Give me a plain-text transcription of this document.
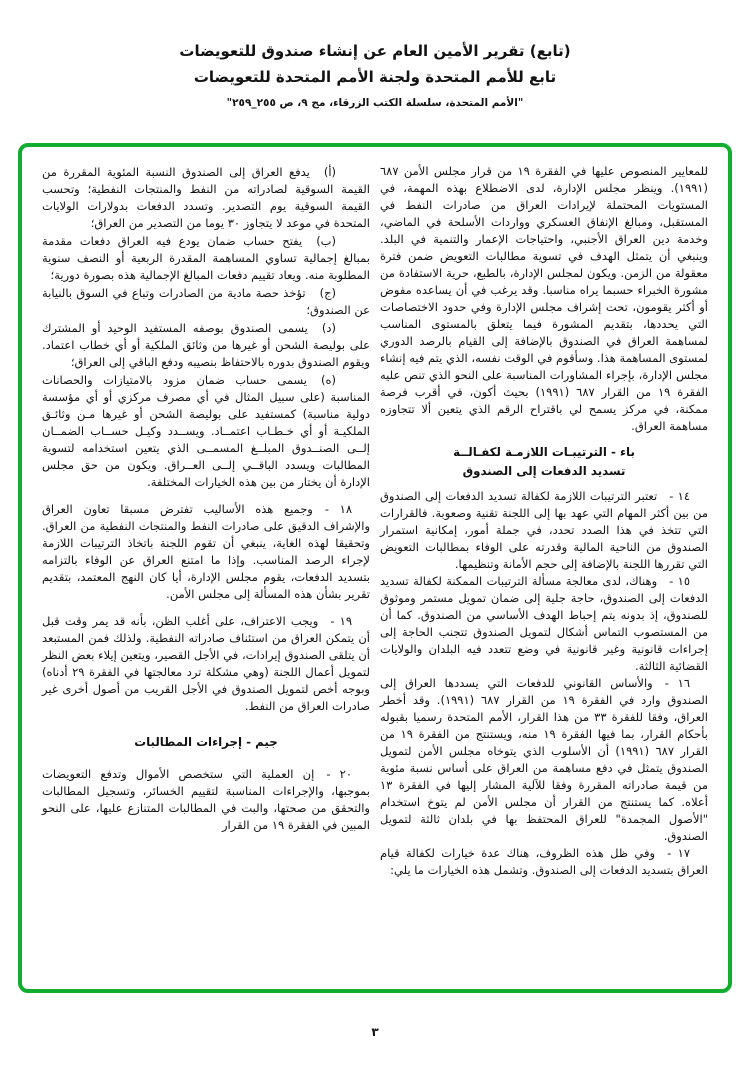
(تابع) تقرير الأمين العام عن إنشاء صندوق للتعويضات
تابع للأمم المتحدة ولجنة الأمم المتحدة للتعويضات
"الأمم المتحدة، سلسلة الكتب الزرقاء، مج ٩، ص ٢٥٥_٢٥٩"

للمعايير المنصوص عليها في الفقرة ١٩ من قرار مجلس الأمن ٦٨٧ (١٩٩١). وينظر مجلس الإدارة، لدى الاضطلاع بهذه المهمة، في المستويات المحتملة لإيرادات العراق من صادرات النفط في المستقبل، ومبالغ الإنفاق العسكري وواردات الأسلحة في الماضي، وخدمة دين العراق الأجنبي، واحتياجات الإعمار والتنمية في البلد. وينبغي أن يتمثل الهدف في تسوية مطالبات التعويض ضمن فترة معقولة من الزمن. ويكون لمجلس الإدارة، بالطبع، حرية الاستفادة من مشورة الخبراء حسبما يراه مناسبا. وقد يرغب في أن يساعده مفوض أو أكثر يقومون، تحت إشراف مجلس الإدارة وفي حدود الاختصاصات التي يحددها، بتقديم المشورة فيما يتعلق بالمستوى المناسب لمساهمة العراق في الصندوق بالإضافة إلى القيام بالرصد الدوري لمستوى المساهمة هذا. وسأقوم في الوقت نفسه، الذي يتم فيه إنشاء مجلس الإدارة، بإجراء المشاورات المناسبة على النحو الذي تنص عليه الفقرة ١٩ من القرار ٦٨٧ (١٩٩١) بحيث أكون، في أقرب فرصة ممكنة، في مركز يسمح لي باقتراح الرقم الذي يتعين ألا تتجاوزه مساهمة العراق.

باء - الترتيبـات اللازمـة لكفـالــة
تسديد الدفعات إلى الصندوق

١٤ -تعتبر الترتيبات اللازمة لكفالة تسديد الدفعات إلى الصندوق من بين أكثر المهام التي عهد بها إلى اللجنة تقنية وصعوبة. فالقرارات التي تتخذ في هذا الصدد تحدد، في جملة أمور، إمكانية استمرار الصندوق من الناحية المالية وقدرته على الوفاء بمطالبات التعويض التي تقررها اللجنة بالإضافة إلى حجم الأمانة وتنظيمها.

١٥ -وهناك، لدى معالجة مسألة الترتيبات الممكنة لكفالة تسديد الدفعات إلى الصندوق، حاجة جلية إلى ضمان تمويل مستمر وموثوق للصندوق، إذ بدونه يتم إحباط الهدف الأساسي من الصندوق. كما أن من المستصوب التماس أشكال لتمويل الصندوق تتجنب الحاجة إلى إجراءات قانونية وغير قانونية في وضع تتعدد فيه البلدان والولايات القضائية الثالثة.

١٦ -والأساس القانوني للدفعات التي يسددها العراق إلى الصندوق وارد في الفقرة ١٩ من القرار ٦٨٧ (١٩٩١). وقد أخطر العراق، وفقا للفقرة ٣٣ من هذا القرار، الأمم المتحدة رسميا بقبوله بأحكام القرار، بما فيها الفقرة ١٩ منه، ويستنتج من الفقرة ١٩ من القرار ٦٨٧ (١٩٩١) أن الأسلوب الذي يتوخاه مجلس الأمن لتمويل الصندوق يتمثل في دفع مساهمة من العراق على أساس نسبة مئوية من قيمة صادراته المقررة وفقا للآلية المشار إليها في الفقرة ١٣ أعلاه. كما يستنتج من القرار أن مجلس الأمن لم يتوخ استخدام "الأصول المجمدة" للعراق المحتفظ بها في بلدان ثالثة لتمويل الصندوق.

١٧ -وفي ظل هذه الظروف، هناك عدة خيارات لكفالة قيام العراق بتسديد الدفعات إلى الصندوق. وتشمل هذه الخيارات ما يلي:

(أ)يدفع العراق إلى الصندوق النسبة المئوية المقررة من القيمة السوقية لصادراته من النفط والمنتجات النفطية؛ وتحسب القيمة السوقية يوم التصدير. وتسدد الدفعات بدولارات الولايات المتحدة في موعد لا يتجاوز ٣٠ يوما من التصدير من العراق؛

(ب)يفتح حساب ضمان يودع فيه العراق دفعات مقدمة بمبالغ إجمالية تساوي المساهمة المقدرة الربعية أو النصف سنوية المطلوبة منه. ويعاد تقييم دفعات المبالغ الإجمالية هذه بصورة دورية؛

(ج)تؤخذ حصة مادية من الصادرات وتباع في السوق بالنيابة عن الصندوق؛

(د)يسمى الصندوق بوصفه المستفيد الوحيد أو المشترك على بوليصة الشحن أو غيرها من وثائق الملكية أو أي خطاب اعتماد. ويقوم الصندوق بدوره بالاحتفاظ بنصيبه ودفع الباقي إلى العراق؛

(ه)يسمى حساب ضمان مزود بالامتيازات والحصانات المناسبة (على سبيل المثال في أي مصرف مركزي أو أي مؤسسة دولية مناسبة) كمستفيد على بوليصة الشحن أو غيرها مـن وثائـق الملكيـة أو أي خـطـاب اعتمــاد. ويســدد وكيـل حســاب الضمــان إلــى الصنــدوق المبلــغ المسمــى الذي يتعين استخدامه لتسوية المطالبات ويسدد الباقــي إلــى العــراق. ويكون من حق مجلس الإدارة أن يختار من بين هذه الخيارات المختلفة.

١٨ -وجميع هذه الأساليب تفترض مسبقا تعاون العراق والإشراف الدقيق على صادرات النفط والمنتجات النفطية من العراق. وتحقيقا لهذه الغاية، ينبغي أن تقوم اللجنة باتخاذ الترتيبات اللازمة لإجراء الرصد المناسب. وإذا ما امتنع العراق عن الوفاء بالتزامه بتسديد الدفعات، يقوم مجلس الإدارة، أيا كان النهج المعتمد، بتقديم تقرير بشأن هذه المسألة إلى مجلس الأمن.

١٩ -ويجب الاعتراف، على أغلب الظن، بأنه قد يمر وقت قبل أن يتمكن العراق من استئناف صادراته النفطية. ولذلك فمن المستبعد أن يتلقى الصندوق إيرادات، في الأجل القصير، ويتعين إيلاء بعض النظر لتمويل أعمال اللجنة (وهي مشكلة ترد معالجتها في الفقرة ٢٩ أدناه) وبوجه أخص لتمويل الصندوق في الأجل القريب من أصول أخرى غير صادرات العراق من النفط.

جيم - إجراءات المطالبات

٢٠ -إن العملية التي ستخصص الأموال وتدفع التعويضات بموجبها، والإجراءات المناسبة لتقييم الخسائر، وتسجيل المطالبات والتحقق من صحتها، والبت في المطالبات المتنازع عليها، على النحو المبين في الفقرة ١٩ من القرار

٣
